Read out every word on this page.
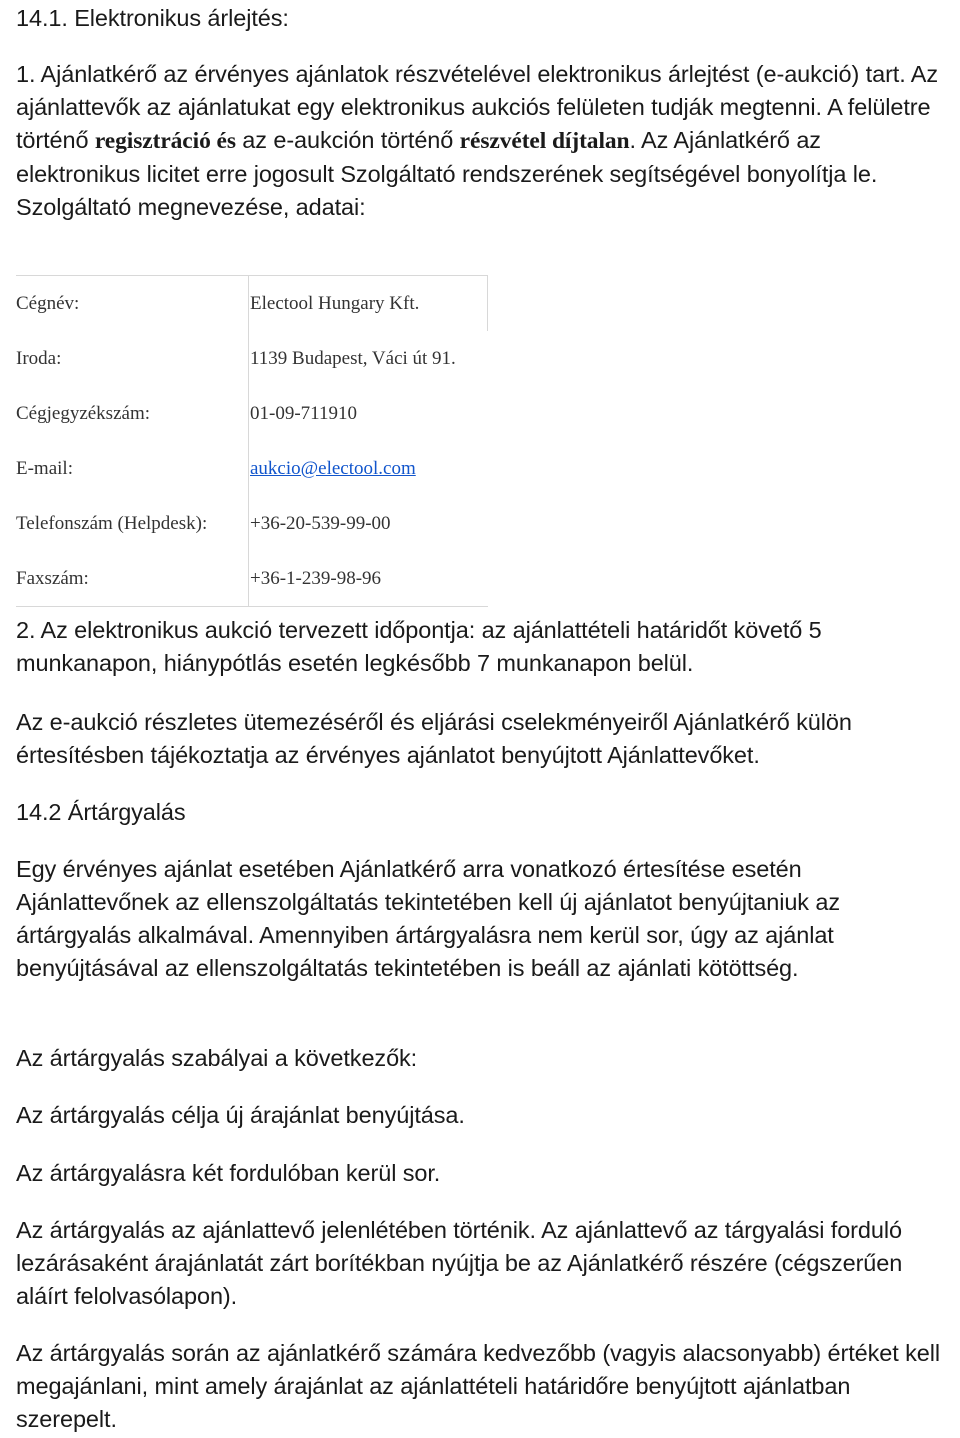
14.1. Elektronikus árlejtés:

1. Ajánlatkérő az érvényes ajánlatok részvételével elektronikus árlejtést (e-aukció) tart. Az ajánlattevők az ajánlatukat egy elektronikus aukciós felületen tudják megtenni. A felületre történő regisztráció és az e-aukción történő részvétel díjtalan. Az Ajánlatkérő az elektronikus licitet erre jogosult Szolgáltató rendszerének segítségével bonyolítja le.

Szolgáltató megnevezése, adatai:

Cégnév:	Electool Hungary Kft.
Iroda:	1139 Budapest, Váci út 91.
Cégjegyzékszám:	01-09-711910
E-mail:	aukcio@electool.com
Telefonszám (Helpdesk):	+36-20-539-99-00
Faxszám:	+36-1-239-98-96

2. Az elektronikus aukció tervezett időpontja: az ajánlattételi határidőt követő 5 munkanapon, hiánypótlás esetén legkésőbb 7 munkanapon belül.

Az e-aukció részletes ütemezéséről és eljárási cselekményeiről Ajánlatkérő külön értesítésben tájékoztatja az érvényes ajánlatot benyújtott Ajánlattevőket.

14.2 Ártárgyalás

Egy érvényes ajánlat esetében Ajánlatkérő arra vonatkozó értesítése esetén Ajánlattevőnek az ellenszolgáltatás tekintetében kell új ajánlatot benyújtaniuk az ártárgyalás alkalmával. Amennyiben ártárgyalásra nem kerül sor, úgy az ajánlat benyújtásával az ellenszolgáltatás tekintetében is beáll az ajánlati kötöttség.

Az ártárgyalás szabályai a következők:

Az ártárgyalás célja új árajánlat benyújtása.

Az ártárgyalásra két fordulóban kerül sor.

Az ártárgyalás az ajánlattevő jelenlétében történik. Az ajánlattevő az tárgyalási forduló lezárásaként árajánlatát zárt borítékban nyújtja be az Ajánlatkérő részére (cégszerűen aláírt felolvasólapon).

Az ártárgyalás során az ajánlatkérő számára kedvezőbb (vagyis alacsonyabb) értéket kell megajánlani, mint amely árajánlat az ajánlattételi határidőre benyújtott ajánlatban szerepelt.
